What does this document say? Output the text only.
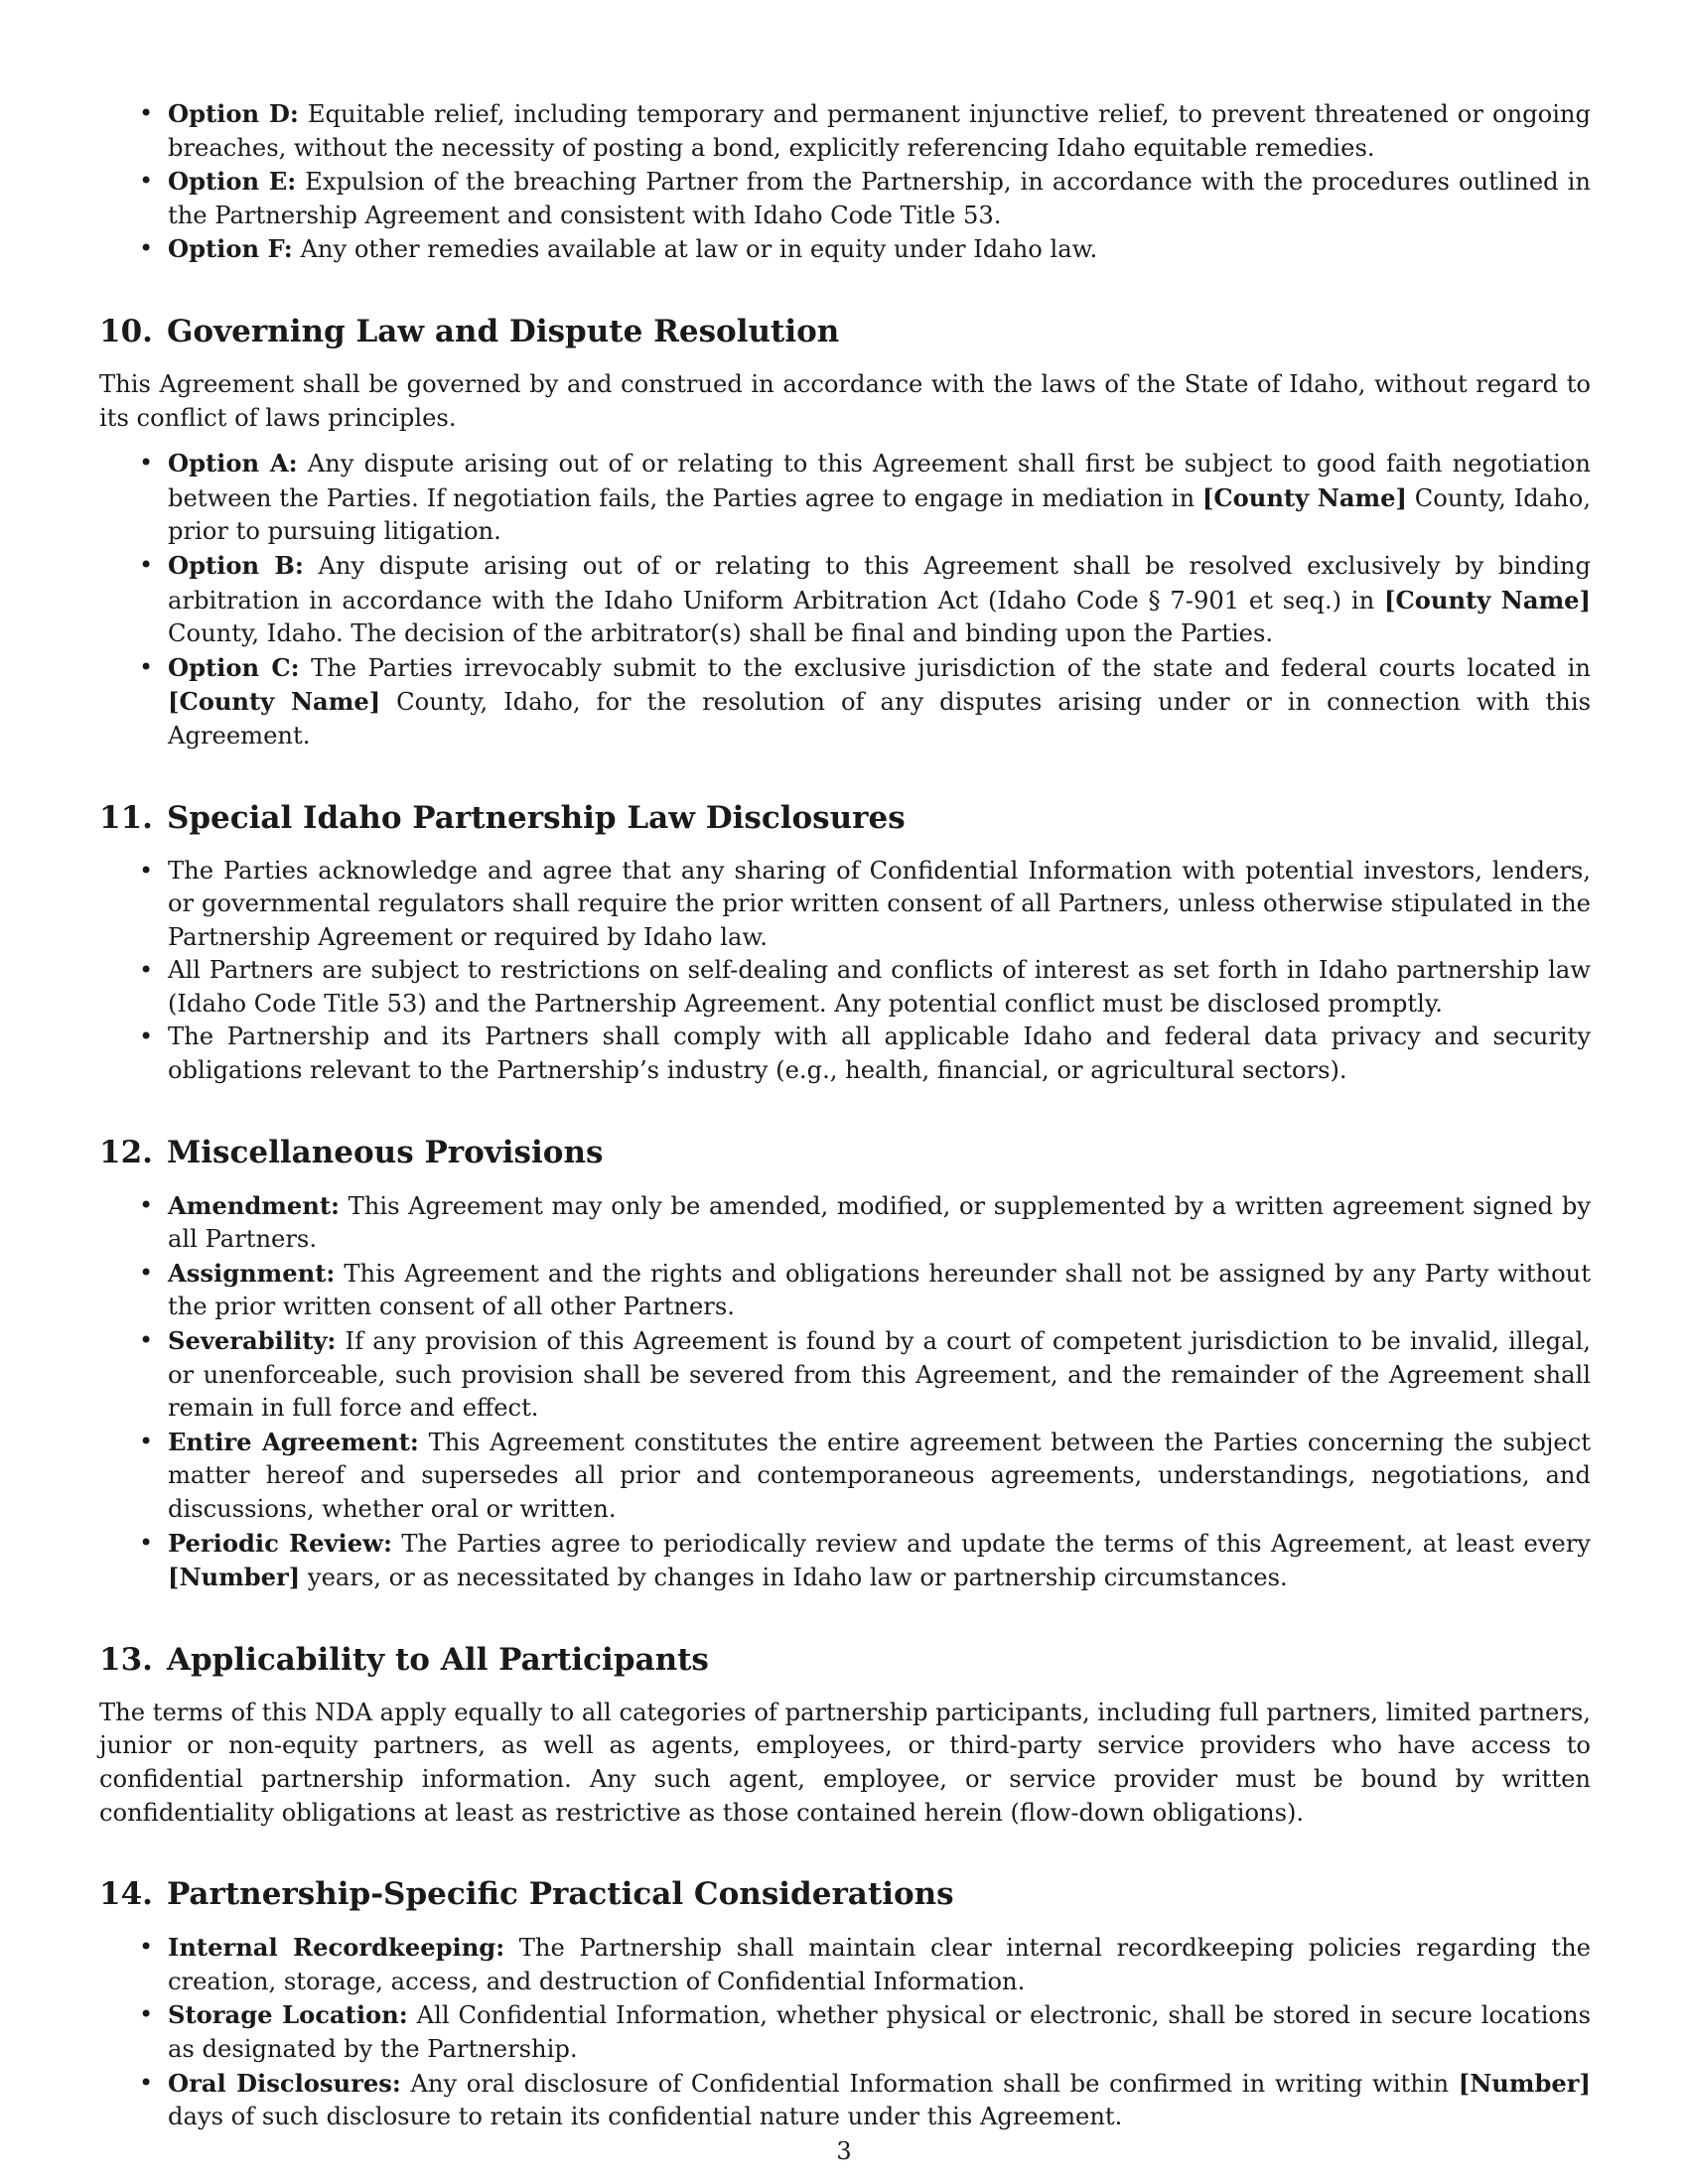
• Option D: Equitable relief, including temporary and permanent injunctive relief, to prevent threatened or ongoing breaches, without the necessity of posting a bond, explicitly referencing Idaho equitable remedies.
• Option E: Expulsion of the breaching Partner from the Partnership, in accordance with the procedures outlined in the Partnership Agreement and consistent with Idaho Code Title 53.
• Option F: Any other remedies available at law or in equity under Idaho law.
10. Governing Law and Dispute Resolution

This Agreement shall be governed by and construed in accordance with the laws of the State of Idaho, without regard to its conflict of laws principles.

• Option A: Any dispute arising out of or relating to this Agreement shall first be subject to good faith negotiation between the Parties. If negotiation fails, the Parties agree to engage in mediation in [County Name] County, Idaho, prior to pursuing litigation.
• Option B: Any dispute arising out of or relating to this Agreement shall be resolved exclusively by binding arbitration in accordance with the Idaho Uniform Arbitration Act (Idaho Code § 7-901 et seq.) in [County Name] County, Idaho. The decision of the arbitrator(s) shall be final and binding upon the Parties.
• Option C: The Parties irrevocably submit to the exclusive jurisdiction of the state and federal courts located in [County Name] County, Idaho, for the resolution of any disputes arising under or in connection with this Agreement.
11. Special Idaho Partnership Law Disclosures
• The Parties acknowledge and agree that any sharing of Confidential Information with potential investors, lenders, or governmental regulators shall require the prior written consent of all Partners, unless otherwise stipulated in the Partnership Agreement or required by Idaho law.
• All Partners are subject to restrictions on self-dealing and conflicts of interest as set forth in Idaho partnership law (Idaho Code Title 53) and the Partnership Agreement. Any potential conflict must be disclosed promptly.
• The Partnership and its Partners shall comply with all applicable Idaho and federal data privacy and security obligations relevant to the Partnership’s industry (e.g., health, financial, or agricultural sectors).
12. Miscellaneous Provisions
• Amendment: This Agreement may only be amended, modified, or supplemented by a written agreement signed by all Partners.
• Assignment: This Agreement and the rights and obligations hereunder shall not be assigned by any Party without the prior written consent of all other Partners.
• Severability: If any provision of this Agreement is found by a court of competent jurisdiction to be invalid, illegal, or unenforceable, such provision shall be severed from this Agreement, and the remainder of the Agreement shall remain in full force and effect.
• Entire Agreement: This Agreement constitutes the entire agreement between the Parties concerning the subject matter hereof and supersedes all prior and contemporaneous agreements, understandings, negotiations, and discussions, whether oral or written.
• Periodic Review: The Parties agree to periodically review and update the terms of this Agreement, at least every [Number] years, or as necessitated by changes in Idaho law or partnership circumstances.
13. Applicability to All Participants

The terms of this NDA apply equally to all categories of partnership participants, including full partners, limited partners, junior or non-equity partners, as well as agents, employees, or third-party service providers who have access to confidential partnership information. Any such agent, employee, or service provider must be bound by written confidentiality obligations at least as restrictive as those contained herein (flow-down obligations).

14. Partnership-Specific Practical Considerations
• Internal Recordkeeping: The Partnership shall maintain clear internal recordkeeping policies regarding the creation, storage, access, and destruction of Confidential Information.
• Storage Location: All Confidential Information, whether physical or electronic, shall be stored in secure locations as designated by the Partnership.
• Oral Disclosures: Any oral disclosure of Confidential Information shall be confirmed in writing within [Number] days of such disclosure to retain its confidential nature under this Agreement.
3
